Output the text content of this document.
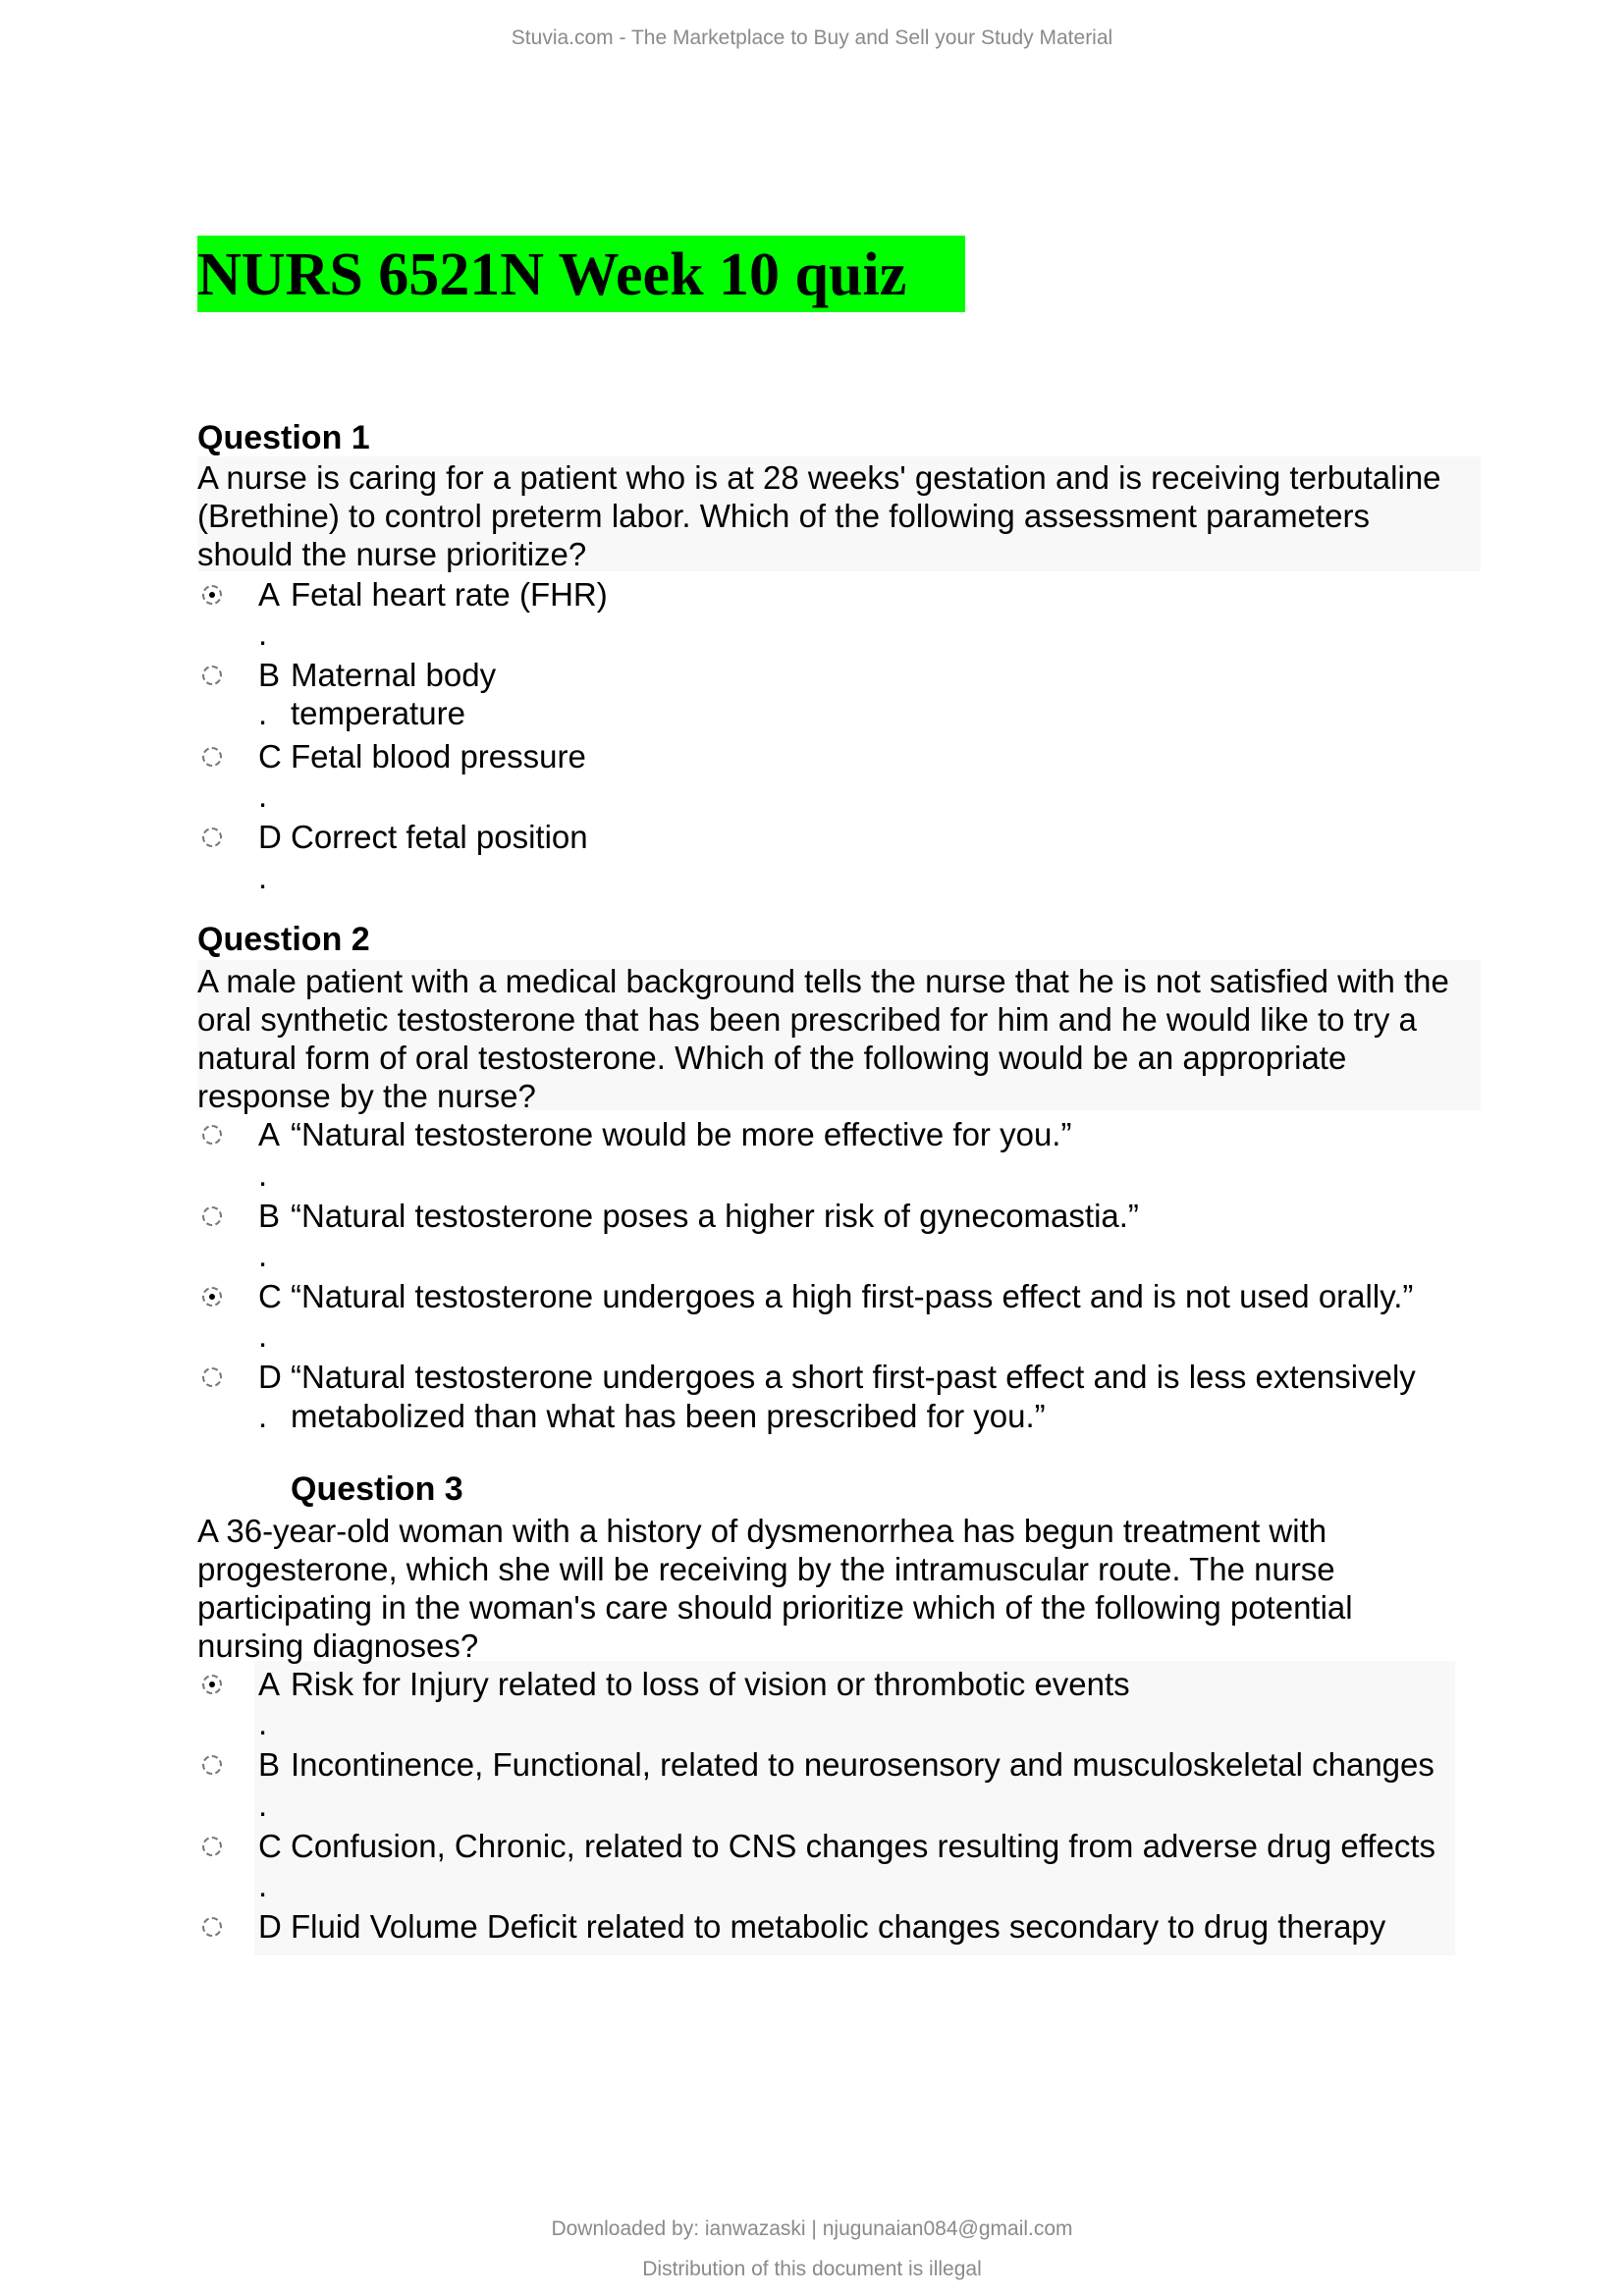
Stuvia.com - The Marketplace to Buy and Sell your Study Material
NURS 6521N Week 10 quiz
Question 1
A nurse is caring for a patient who is at 28 weeks' gestation and is receiving terbutaline
(Brethine) to control preterm labor. Which of the following assessment parameters
should the nurse prioritize?
A Fetal heart rate (FHR)
.
B Maternal body
temperature
.
C Fetal blood pressure
.
D Correct fetal position
.
Question 2
A male patient with a medical background tells the nurse that he is not satisfied with the
oral synthetic testosterone that has been prescribed for him and he would like to try a
natural form of oral testosterone. Which of the following would be an appropriate
response by the nurse?
A “Natural testosterone would be more effective for you.”
.
B “Natural testosterone poses a higher risk of gynecomastia.”
.
C “Natural testosterone undergoes a high first-pass effect and is not used orally.”
.
D “Natural testosterone undergoes a short first-past effect and is less extensively
metabolized than what has been prescribed for you.”
.
Question 3
A 36-year-old woman with a history of dysmenorrhea has begun treatment with
progesterone, which she will be receiving by the intramuscular route. The nurse
participating in the woman's care should prioritize which of the following potential
nursing diagnoses?
A Risk for Injury related to loss of vision or thrombotic events
.
B Incontinence, Functional, related to neurosensory and musculoskeletal changes
.
C Confusion, Chronic, related to CNS changes resulting from adverse drug effects
.
D Fluid Volume Deficit related to metabolic changes secondary to drug therapy
Downloaded by: ianwazaski | njugunaian084@gmail.com
Distribution of this document is illegal
